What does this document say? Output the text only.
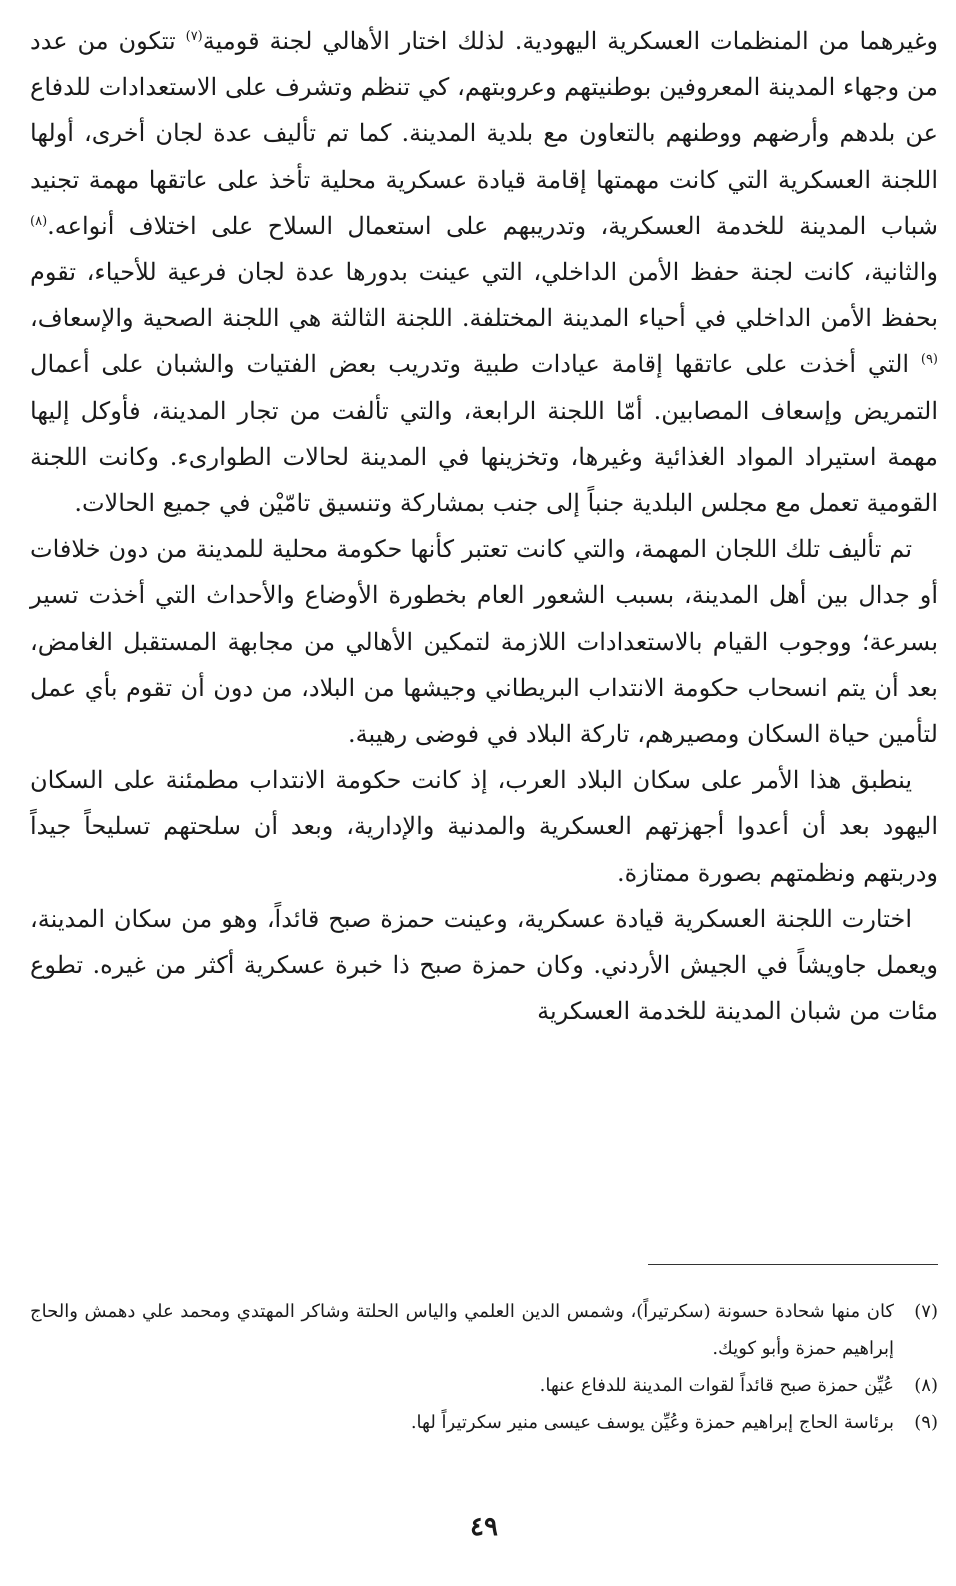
وغيرهما من المنظمات العسكرية اليهودية. لذلك اختار الأهالي لجنة قومية$^{(٧)}$ تتكون من عدد من وجهاء المدينة المعروفين بوطنيتهم وعروبتهم، كي تنظم وتشرف على الاستعدادات للدفاع عن بلدهم وأرضهم ووطنهم بالتعاون مع بلدية المدينة. كما تم تأليف عدة لجان أخرى، أولها اللجنة العسكرية التي كانت مهمتها إقامة قيادة عسكرية محلية تأخذ على عاتقها مهمة تجنيد شباب المدينة للخدمة العسكرية، وتدريبهم على استعمال السلاح على اختلاف أنواعه.$^{(٨)}$ والثانية، كانت لجنة حفظ الأمن الداخلي، التي عينت بدورها عدة لجان فرعية للأحياء، تقوم بحفظ الأمن الداخلي في أحياء المدينة المختلفة. اللجنة الثالثة هي اللجنة الصحية والإسعاف،$^{(٩)}$ التي أخذت على عاتقها إقامة عيادات طبية وتدريب بعض الفتيات والشبان على أعمال التمريض وإسعاف المصابين. أمّا اللجنة الرابعة، والتي تألفت من تجار المدينة، فأوكل إليها مهمة استيراد المواد الغذائية وغيرها، وتخزينها في المدينة لحالات الطوارىء. وكانت اللجنة القومية تعمل مع مجلس البلدية جنباً إلى جنب بمشاركة وتنسيق تامّيْن في جميع الحالات.

تم تأليف تلك اللجان المهمة، والتي كانت تعتبر كأنها حكومة محلية للمدينة من دون خلافات أو جدال بين أهل المدينة، بسبب الشعور العام بخطورة الأوضاع والأحداث التي أخذت تسير بسرعة؛ ووجوب القيام بالاستعدادات اللازمة لتمكين الأهالي من مجابهة المستقبل الغامض، بعد أن يتم انسحاب حكومة الانتداب البريطاني وجيشها من البلاد، من دون أن تقوم بأي عمل لتأمين حياة السكان ومصيرهم، تاركة البلاد في فوضى رهيبة.

ينطبق هذا الأمر على سكان البلاد العرب، إذ كانت حكومة الانتداب مطمئنة على السكان اليهود بعد أن أعدوا أجهزتهم العسكرية والمدنية والإدارية، وبعد أن سلحتهم تسليحاً جيداً ودربتهم ونظمتهم بصورة ممتازة.

اختارت اللجنة العسكرية قيادة عسكرية، وعينت حمزة صبح قائداً، وهو من سكان المدينة، ويعمل جاويشاً في الجيش الأردني. وكان حمزة صبح ذا خبرة عسكرية أكثر من غيره. تطوع مئات من شبان المدينة للخدمة العسكرية

(٧)
كان منها شحادة حسونة (سكرتيراً)، وشمس الدين العلمي والياس الحلتة وشاكر المهتدي ومحمد علي دهمش والحاج إبراهيم حمزة وأبو كويك.
(٨)
عُيِّن حمزة صبح قائداً لقوات المدينة للدفاع عنها.
(٩)
برئاسة الحاج إبراهيم حمزة وعُيِّن يوسف عيسى منير سكرتيراً لها.
٤٩
